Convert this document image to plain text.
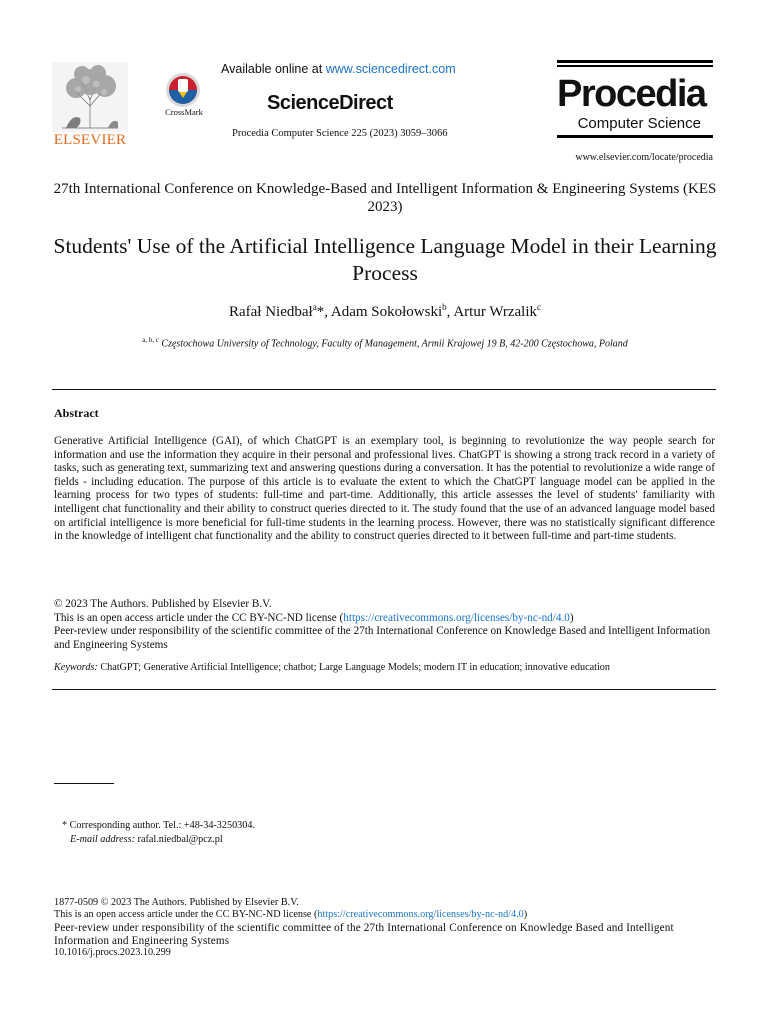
ELSEVIER
CrossMark
Available online at www.sciencedirect.com
ScienceDirect
Procedia Computer Science 225 (2023) 3059–3066
Procedia
Computer Science
www.elsevier.com/locate/procedia
27th International Conference on Knowledge-Based and Intelligent Information & Engineering Systems (KES 2023)
Students' Use of the Artificial Intelligence Language Model in their Learning Process
Rafał Niedbał$^a$*, Adam Sokołowski$^b$, Artur Wrzalik$^c$
$^{a, b, c}$ Częstochowa University of Technology, Faculty of Management, Armii Krajowej 19 B, 42-200 Częstochowa, Poland
Abstract
Generative Artificial Intelligence (GAI), of which ChatGPT is an exemplary tool, is beginning to revolutionize the way people search for information and use the information they acquire in their personal and professional lives. ChatGPT is showing a strong track record in a variety of tasks, such as generating text, summarizing text and answering questions during a conversation. It has the potential to revolutionize a wide range of fields - including education. The purpose of this article is to evaluate the extent to which the ChatGPT language model can be applied in the learning process for two types of students: full-time and part-time. Additionally, this article assesses the level of students' familiarity with intelligent chat functionality and their ability to construct queries directed to it. The study found that the use of an advanced language model based on artificial intelligence is more beneficial for full-time students in the learning process. However, there was no statistically significant difference in the knowledge of intelligent chat functionality and the ability to construct queries directed to it between full-time and part-time students.
© 2023 The Authors. Published by Elsevier B.V.
This is an open access article under the CC BY-NC-ND license (https://creativecommons.org/licenses/by-nc-nd/4.0)
Peer-review under responsibility of the scientific committee of the 27th International Conference on Knowledge Based and Intelligent Information and Engineering Systems
Keywords: ChatGPT; Generative Artificial Intelligence; chatbot; Large Language Models; modern IT in education; innovative education
* Corresponding author. Tel.: +48-34-3250304.
E-mail address: rafal.niedbal@pcz.pl
1877-0509 © 2023 The Authors. Published by Elsevier B.V.
This is an open access article under the CC BY-NC-ND license (https://creativecommons.org/licenses/by-nc-nd/4.0)
Peer-review under responsibility of the scientific committee of the 27th International Conference on Knowledge Based and Intelligent Information and Engineering Systems
10.1016/j.procs.2023.10.299
